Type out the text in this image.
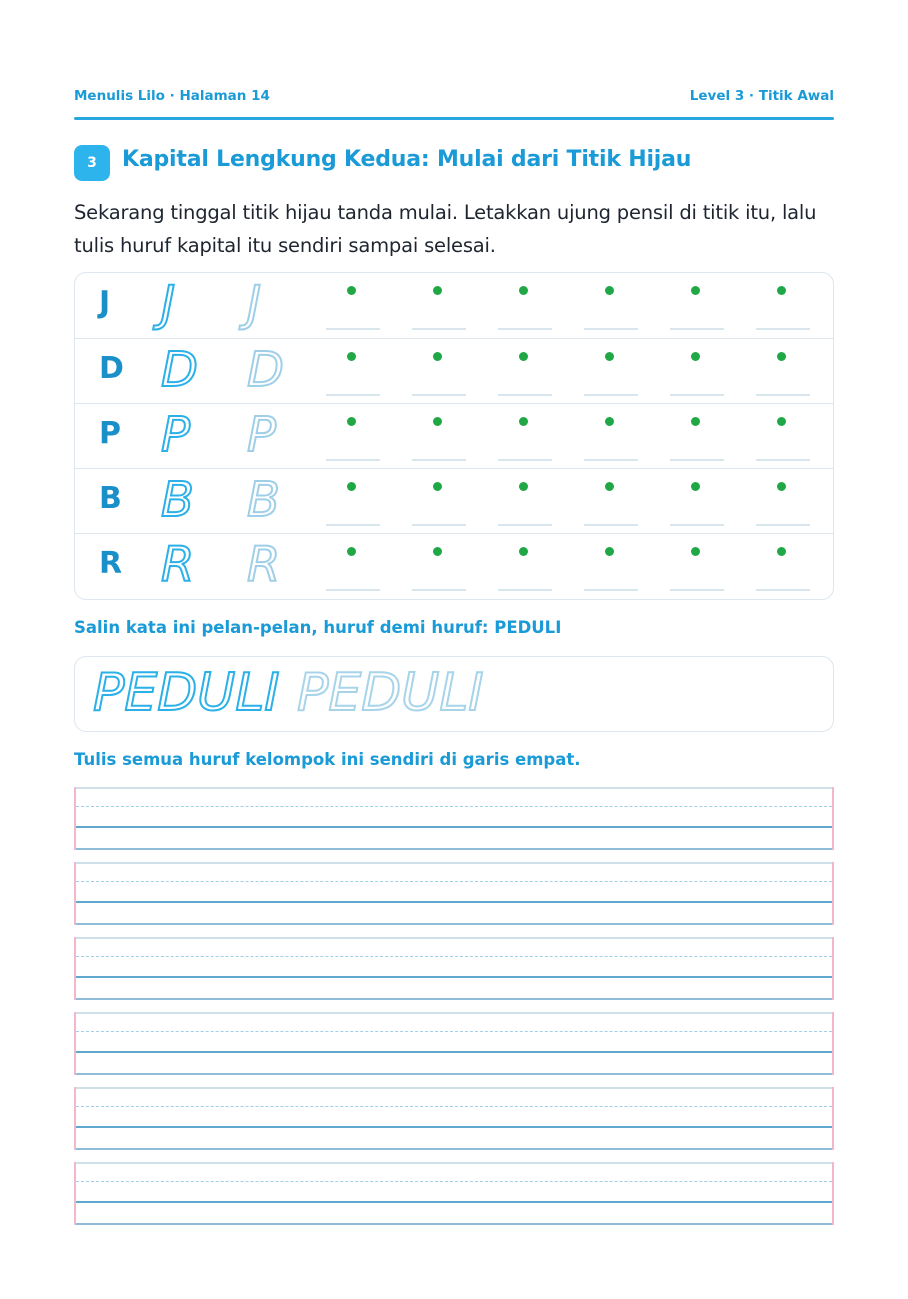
Menulis Lilo · Halaman 14	Level 3 · Titik Awal
3	Kapital Lengkung Kedua: Mulai dari Titik Hijau
Sekarang tinggal titik hijau tanda mulai. Letakkan ujung pensil di titik itu, lalu tulis huruf kapital itu sendiri sampai selesai.
J J J
D D D
P P P
B B B
R R R
Salin kata ini pelan-pelan, huruf demi huruf: PEDULI
PEDULI PEDULI
Tulis semua huruf kelompok ini sendiri di garis empat.
